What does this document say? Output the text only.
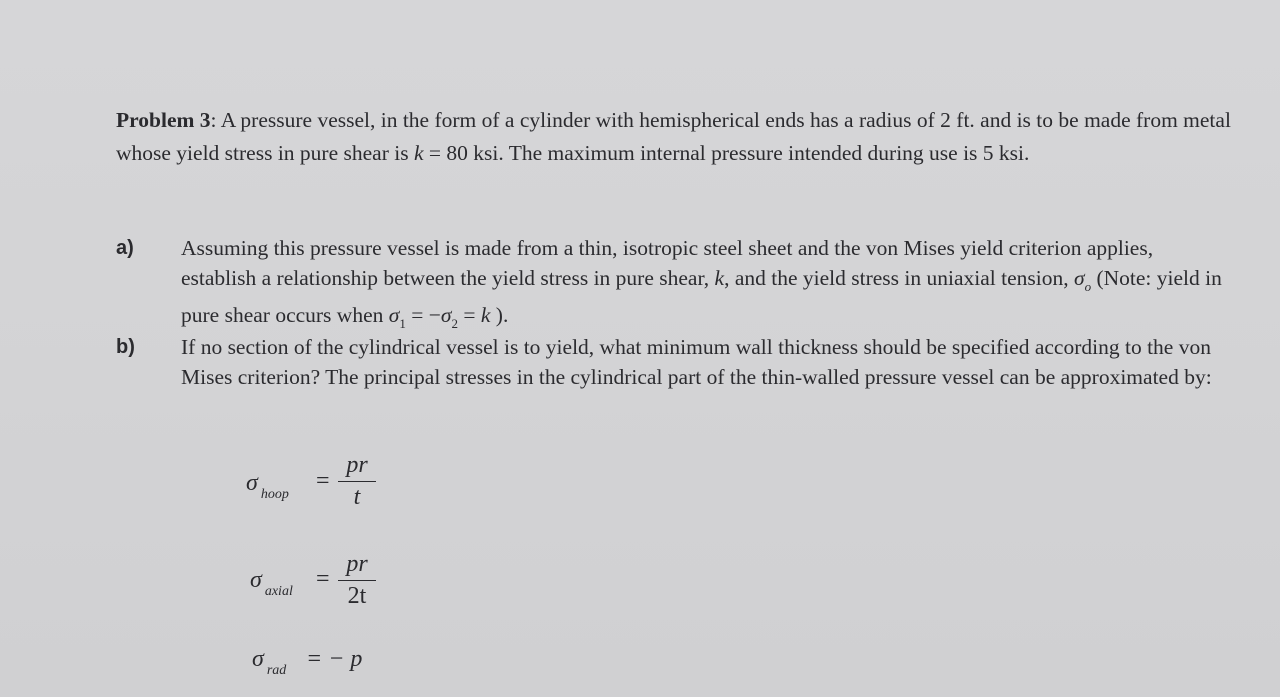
Problem 3: A pressure vessel, in the form of a cylinder with hemispherical ends has a radius of 2 ft. and is to be made from metal whose yield stress in pure shear is k = 80 ksi. The maximum internal pressure intended during use is 5 ksi.
a) Assuming this pressure vessel is made from a thin, isotropic steel sheet and the von Mises yield criterion applies, establish a relationship between the yield stress in pure shear, k, and the yield stress in uniaxial tension, $\sigma_o$ (Note: yield in pure shear occurs when $\sigma_1 = -\sigma_2 = k$ ).
b) If no section of the cylindrical vessel is to yield, what minimum wall thickness should be specified according to the von Mises criterion? The principal stresses in the cylindrical part of the thin-walled pressure vessel can be approximated by:
σ $_{hoop}$
=
pr
t
σ $_{axial}$ =
pr
2t
σ $_{rad}$ = − p
